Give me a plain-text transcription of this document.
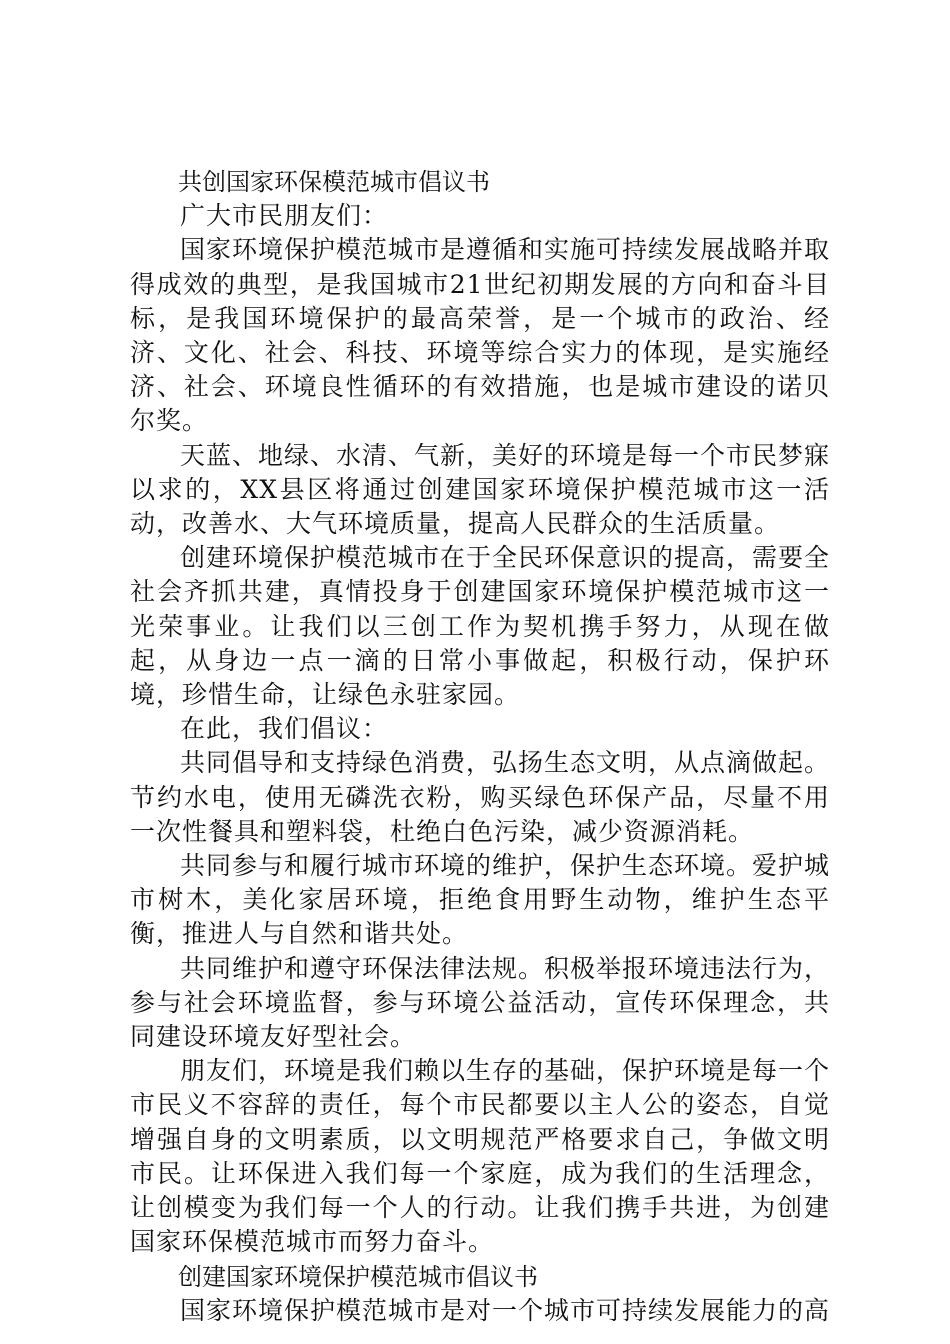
共创国家环保模范城市倡议书

广大市民朋友们：

国家环境保护模范城市是遵循和实施可持续发展战略并取得成效的典型，是我国城市21世纪初期发展的方向和奋斗目标，是我国环境保护的最高荣誉，是一个城市的政治、经济、文化、社会、科技、环境等综合实力的体现，是实施经济、社会、环境良性循环的有效措施，也是城市建设的诺贝尔奖。

天蓝、地绿、水清、气新，美好的环境是每一个市民梦寐以求的，XX县区将通过创建国家环境保护模范城市这一活动，改善水、大气环境质量，提高人民群众的生活质量。

创建环境保护模范城市在于全民环保意识的提高，需要全社会齐抓共建，真情投身于创建国家环境保护模范城市这一光荣事业。让我们以三创工作为契机携手努力，从现在做起，从身边一点一滴的日常小事做起，积极行动，保护环境，珍惜生命，让绿色永驻家园。

在此，我们倡议：

共同倡导和支持绿色消费，弘扬生态文明，从点滴做起。节约水电，使用无磷洗衣粉，购买绿色环保产品，尽量不用一次性餐具和塑料袋，杜绝白色污染，减少资源消耗。

共同参与和履行城市环境的维护，保护生态环境。爱护城市树木，美化家居环境，拒绝食用野生动物，维护生态平衡，推进人与自然和谐共处。

共同维护和遵守环保法律法规。积极举报环境违法行为，参与社会环境监督，参与环境公益活动，宣传环保理念，共同建设环境友好型社会。

朋友们，环境是我们赖以生存的基础，保护环境是每一个市民义不容辞的责任，每个市民都要以主人公的姿态，自觉增强自身的文明素质，以文明规范严格要求自己，争做文明市民。让环保进入我们每一个家庭，成为我们的生活理念，让创模变为我们每一个人的行动。让我们携手共进，为创建国家环保模范城市而努力奋斗。

创建国家环境保护模范城市倡议书

国家环境保护模范城市是对一个城市可持续发展能力的高
